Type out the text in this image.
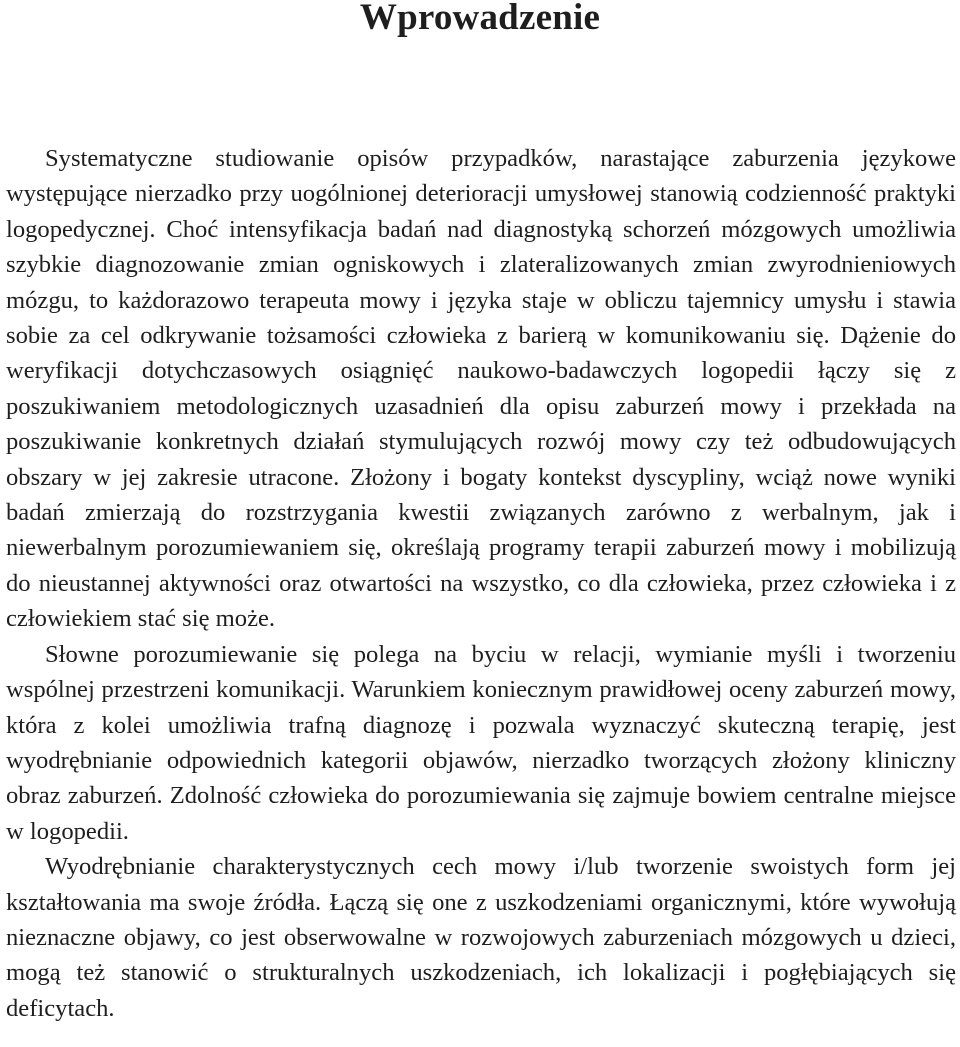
Wprowadzenie

Systematyczne studiowanie opisów przypadków, narastające zaburzenia językowe występujące nierzadko przy uogólnionej deterioracji umysłowej stanowią codzienność praktyki logopedycznej. Choć intensyfikacja badań nad diagnostyką schorzeń mózgowych umożliwia szybkie diagnozowanie zmian ogniskowych i zlateralizowanych zmian zwyrodnieniowych mózgu, to każdorazowo terapeuta mowy i języka staje w obliczu tajemnicy umysłu i stawia sobie za cel odkrywanie tożsamości człowieka z barierą w komunikowaniu się. Dążenie do weryfikacji dotychczasowych osiągnięć naukowo-badawczych logopedii łączy się z poszukiwaniem metodologicznych uzasadnień dla opisu zaburzeń mowy i przekłada na poszukiwanie konkretnych działań stymulujących rozwój mowy czy też odbudowujących obszary w jej zakresie utracone. Złożony i bogaty kontekst dyscypliny, wciąż nowe wyniki badań zmierzają do rozstrzygania kwestii związanych zarówno z werbalnym, jak i niewerbalnym porozumiewaniem się, określają programy terapii zaburzeń mowy i mobilizują do nieustannej aktywności oraz otwartości na wszystko, co dla człowieka, przez człowieka i z człowiekiem stać się może.

Słowne porozumiewanie się polega na byciu w relacji, wymianie myśli i tworzeniu wspólnej przestrzeni komunikacji. Warunkiem koniecznym prawidłowej oceny zaburzeń mowy, która z kolei umożliwia trafną diagnozę i pozwala wyznaczyć skuteczną terapię, jest wyodrębnianie odpowiednich kategorii objawów, nierzadko tworzących złożony kliniczny obraz zaburzeń. Zdolność człowieka do porozumiewania się zajmuje bowiem centralne miejsce w logopedii.

Wyodrębnianie charakterystycznych cech mowy i/lub tworzenie swoistych form jej kształtowania ma swoje źródła. Łączą się one z uszkodzeniami organicznymi, które wywołują nieznaczne objawy, co jest obserwowalne w rozwojowych zaburzeniach mózgowych u dzieci, mogą też stanowić o strukturalnych uszkodzeniach, ich lokalizacji i pogłębiających się deficytach.
